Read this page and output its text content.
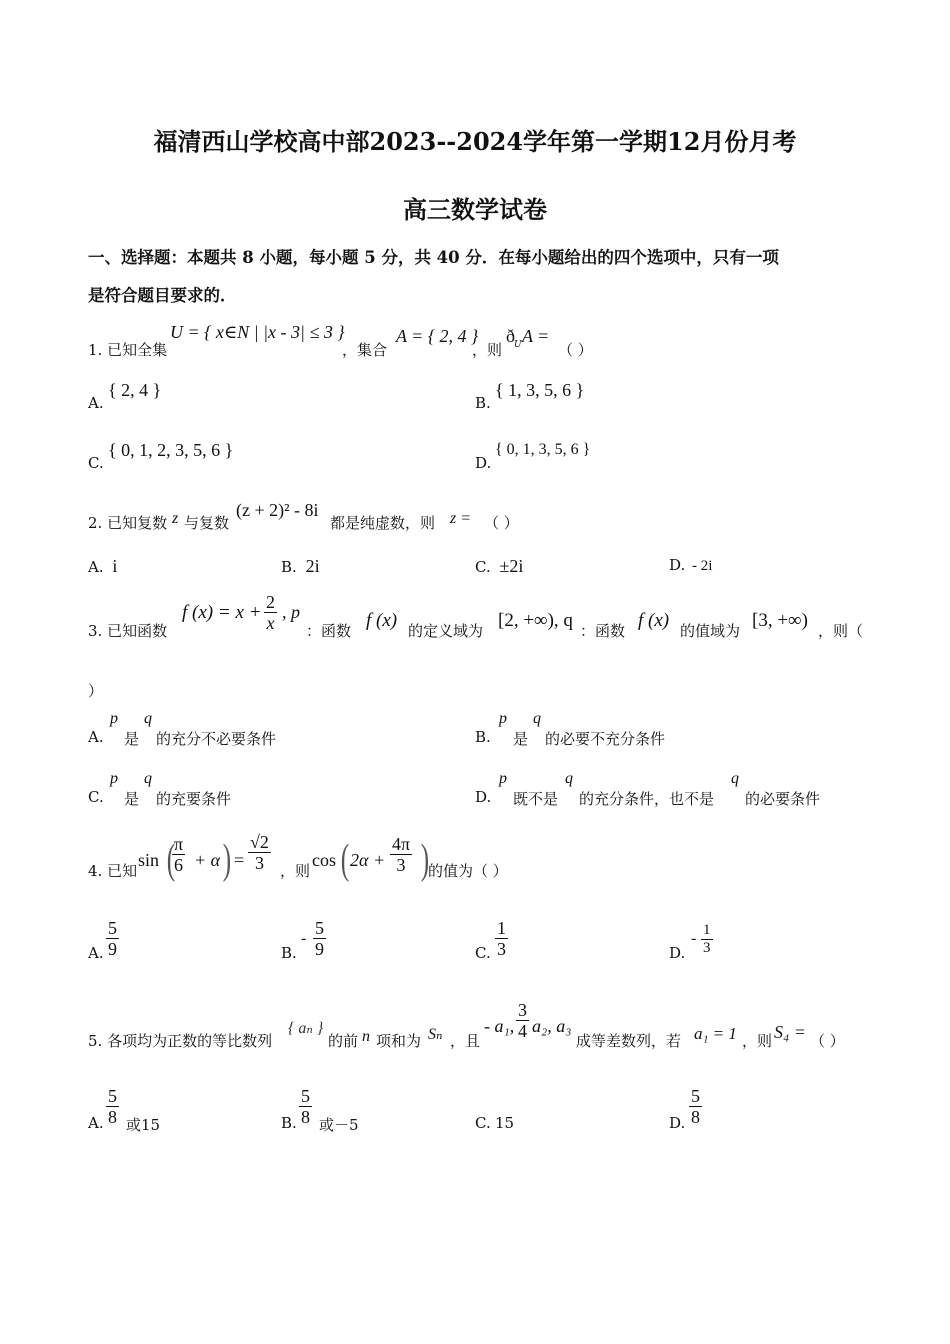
福清西山学校高中部2023--2024学年第一学期12月份月考
高三数学试卷
一、选择题：本题共 8 小题，每小题 5 分，共 40 分．在每小题给出的四个选项中，只有一项
是符合题目要求的．
1. 已知全集
U = { x∈N | |x - 3| ≤ 3 }
，集合
A = { 2, 4 }
，则
ð U A =
（ ）
A.
{ 2, 4 }
B.
{ 1, 3, 5, 6 }
C.
{ 0, 1, 2, 3, 5, 6 }
D.
{ 0, 1, 3, 5, 6 }
2. 已知复数 z 与复数
(z + 2)² - 8i
都是纯虚数，则 z = （ ）
A. i	B. 2i	C. ±2i	D. - 2i
3. 已知函数
f $(x) = x + \frac{2}{x}$ , p
：函数 f (x) 的定义域为 [2, +∞), q ：函数 f (x) 的值域为 [3, +∞) ，则（
）
A.
p
是
q
的充分不必要条件	B.
p
是
q
的必要不充分条件
C.
p
是
q
的充要条件	D.
p
既不是
q
的充分条件，也不是
q
的必要条件
4. 已知
sin (
$\frac{\pi}{6} + \alpha$ ) = $\frac{√2}{3}$ ，则
cos ( $2\alpha + \frac{4\pi}{3}$ )
的值为（ ）
A. $\frac{5}{9}$	B.
- $\frac{5}{9}$	C. $\frac{1}{3}$	D.
- $\frac{1}{3}$
5. 各项均为正数的等比数列
{ aₙ }
的前 n 项和为 Sₙ ，且
- a₁, $\frac{3}{4} a_2$, a₃
成等差数列，若 a₁ = 1 ，则 S₄ = （ ）
A. $\frac{5}{8}$ 或15	B. $\frac{5}{8}$ 或－5	C. 15	D. $\frac{5}{8}$
